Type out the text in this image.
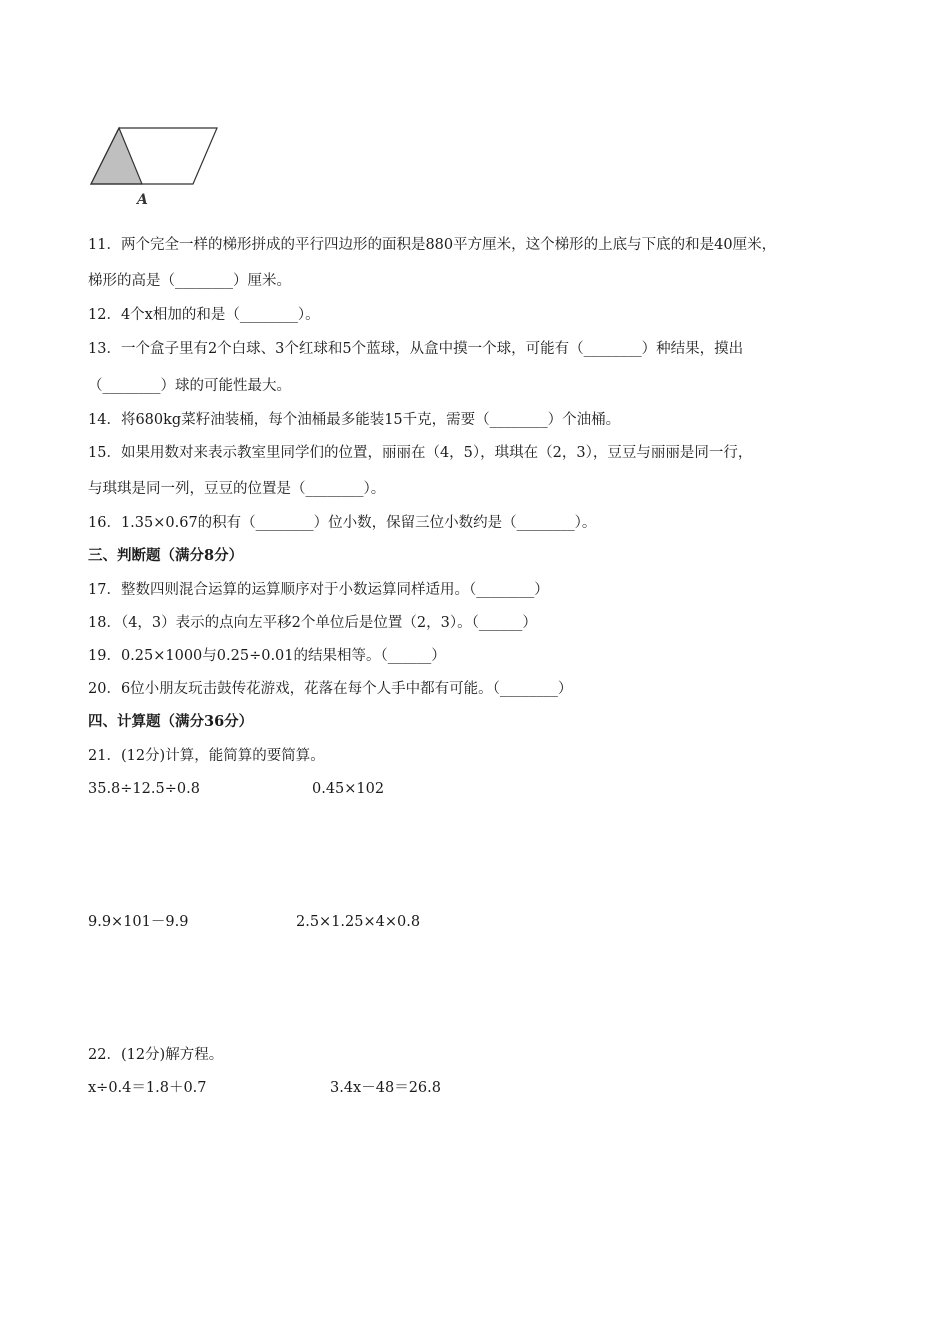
A
11．两个完全一样的梯形拼成的平行四边形的面积是880平方厘米，这个梯形的上底与下底的和是40厘米，
梯形的高是（________）厘米。
12．4个x相加的和是（________）。
13．一个盒子里有2个白球、3个红球和5个蓝球，从盒中摸一个球，可能有（________）种结果，摸出
（________）球的可能性最大。
14．将680kg菜籽油装桶，每个油桶最多能装15千克，需要（________）个油桶。
15．如果用数对来表示教室里同学们的位置，丽丽在（4，5），琪琪在（2，3），豆豆与丽丽是同一行，
与琪琪是同一列，豆豆的位置是（________）。
16．1.35×0.67的积有（________）位小数，保留三位小数约是（________）。
三、判断题（满分8分）
17．整数四则混合运算的运算顺序对于小数运算同样适用。（________）
18．（4，3）表示的点向左平移2个单位后是位置（2，3）。（______）
19．0.25×1000与0.25÷0.01的结果相等。（______）
20．6位小朋友玩击鼓传花游戏，花落在每个人手中都有可能。（________）
四、计算题（满分36分）
21．(12分)计算，能简算的要简算。
35.8÷12.5÷0.8	0.45×102
9.9×101－9.9	2.5×1.25×4×0.8
22．(12分)解方程。
x÷0.4＝1.8＋0.7	3.4x－48＝26.8
